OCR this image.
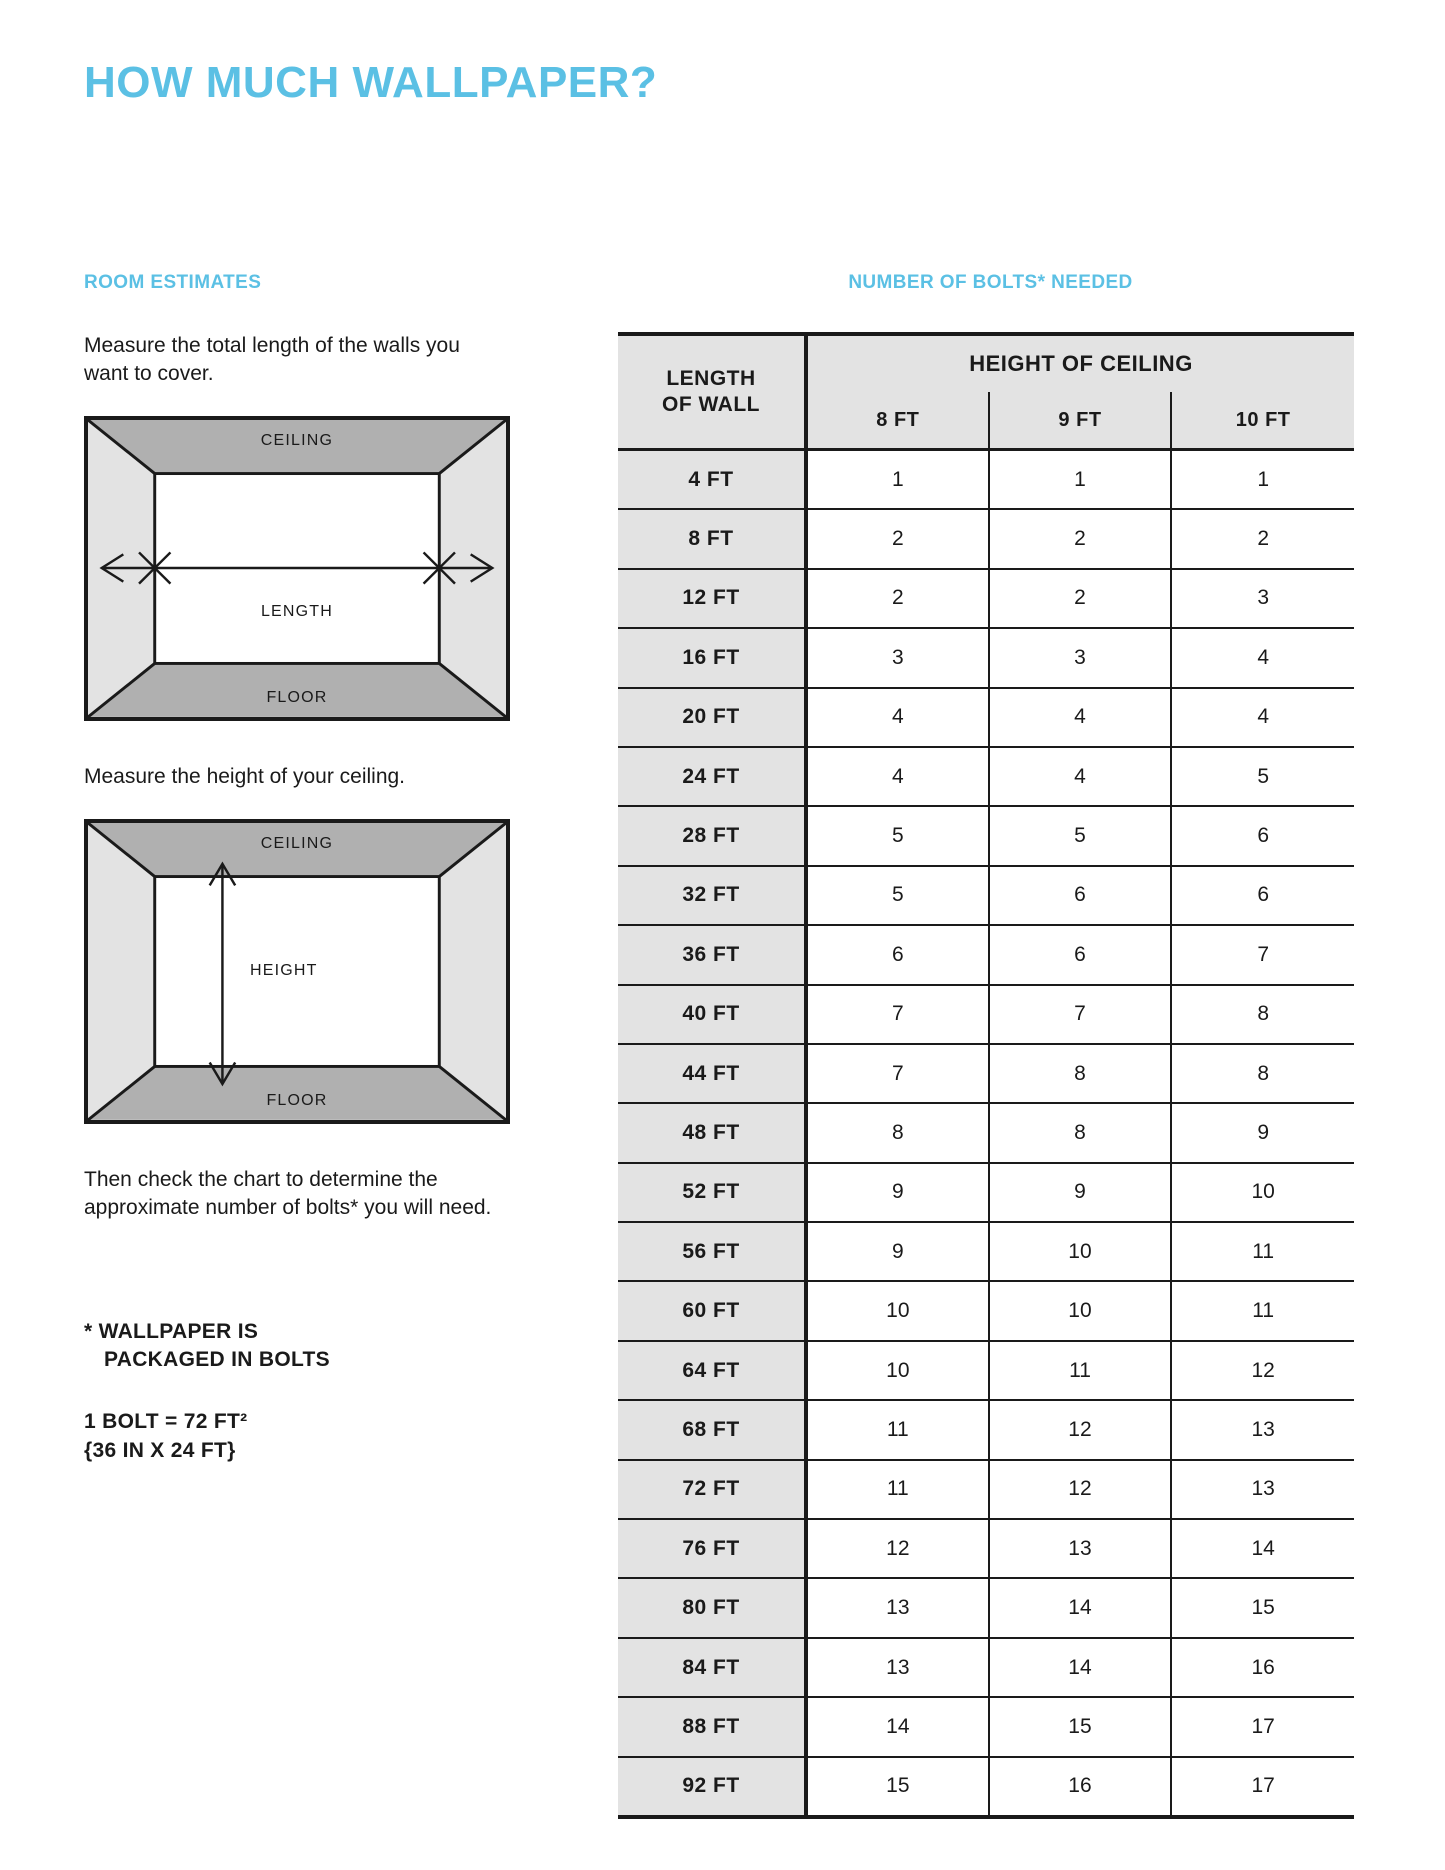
HOW MUCH WALLPAPER?
ROOM ESTIMATES

Measure the total length of the walls you want to cover.

CEILING
FLOOR
LENGTH

Measure the height of your ceiling.

CEILING
FLOOR
HEIGHT

Then check the chart to determine the approximate number of bolts* you will need.

* WALLPAPER IS
PACKAGED IN BOLTS
1 BOLT = 72 FT²
{36 IN X 24 FT}
NUMBER OF BOLTS* NEEDED
LENGTH
OF WALL	HEIGHT OF CEILING		
	8 FT	9 FT	10 FT
4 FT	1	1	1
8 FT	2	2	2
12 FT	2	2	3
16 FT	3	3	4
20 FT	4	4	4
24 FT	4	4	5
28 FT	5	5	6
32 FT	5	6	6
36 FT	6	6	7
40 FT	7	7	8
44 FT	7	8	8
48 FT	8	8	9
52 FT	9	9	10
56 FT	9	10	11
60 FT	10	10	11
64 FT	10	11	12
68 FT	11	12	13
72 FT	11	12	13
76 FT	12	13	14
80 FT	13	14	15
84 FT	13	14	16
88 FT	14	15	17
92 FT	15	16	17
